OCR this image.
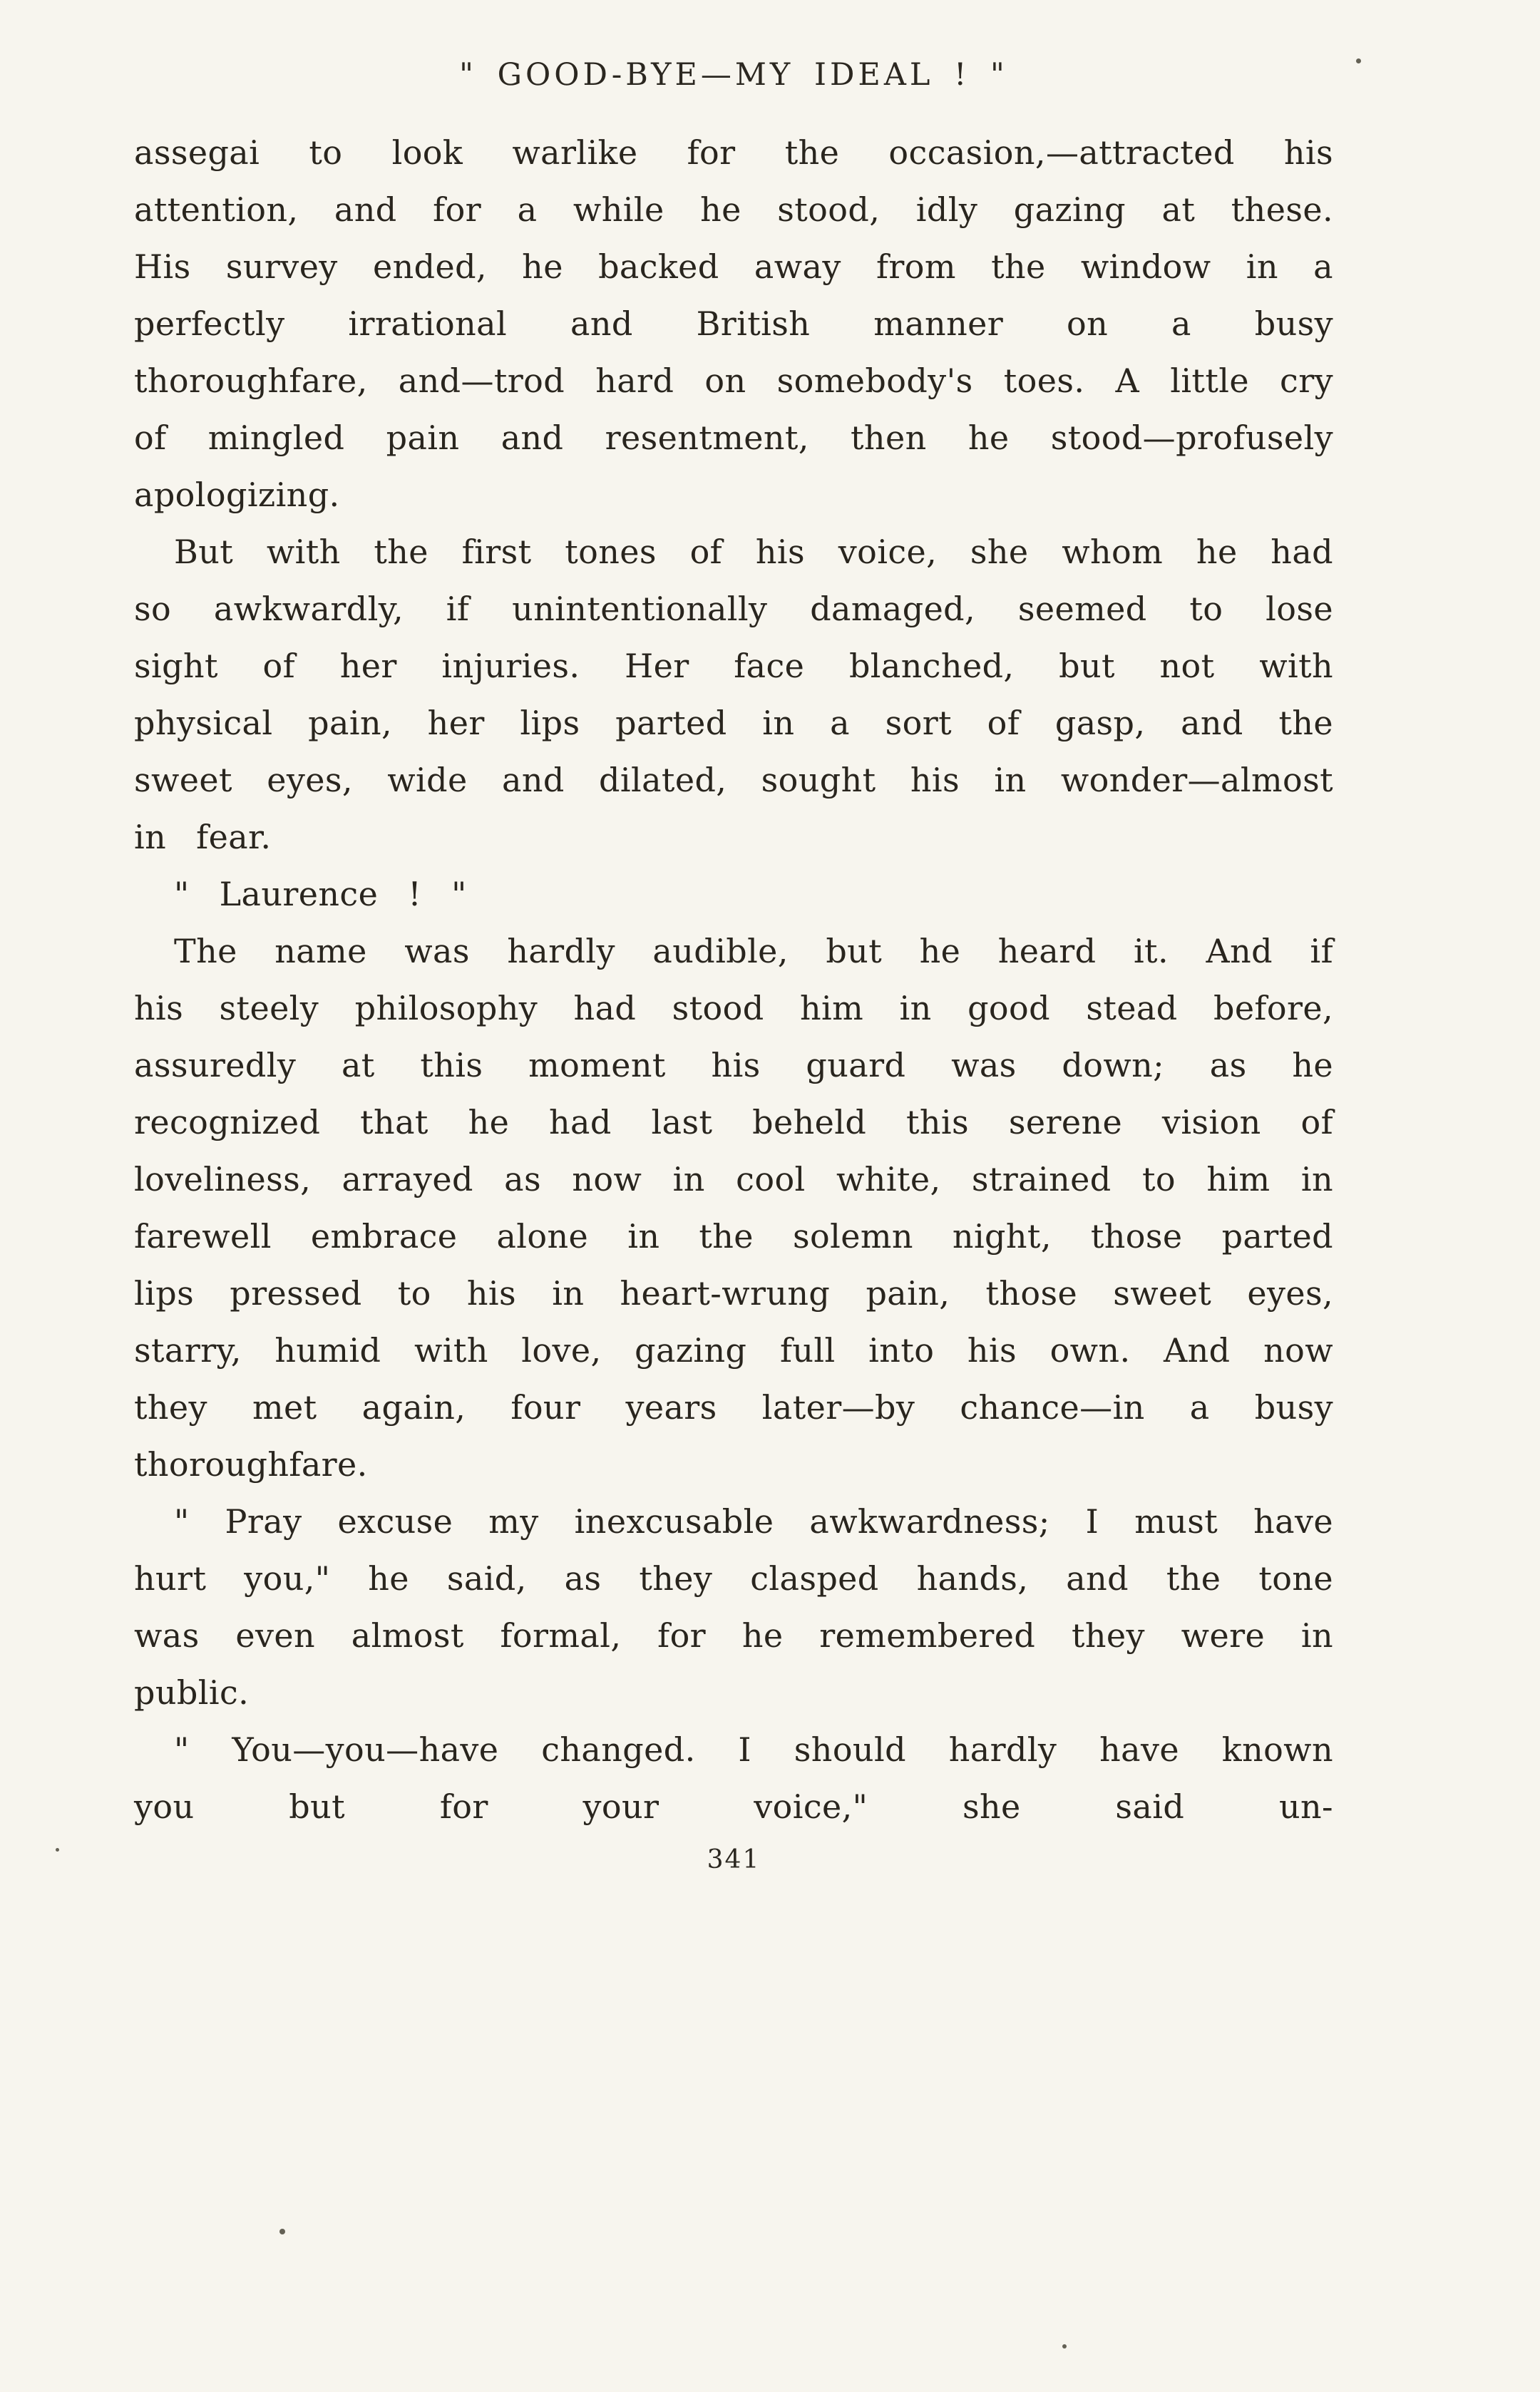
" GOOD-BYE—MY IDEAL ! "

assegai to look warlike for the occasion,—attracted his attention, and for a while he stood, idly gazing at these. His survey ended, he backed away from the window in a perfectly irrational and British manner on a busy thoroughfare, and—trod hard on somebody's toes. A little cry of mingled pain and resentment, then he stood—profusely apologizing.

But with the first tones of his voice, she whom he had so awkwardly, if unintentionally damaged, seemed to lose sight of her injuries. Her face blanched, but not with physical pain, her lips parted in a sort of gasp, and the sweet eyes, wide and dilated, sought his in wonder—almost in fear.

" Laurence ! "

The name was hardly audible, but he heard it. And if his steely philosophy had stood him in good stead before, assuredly at this moment his guard was down; as he recognized that he had last beheld this serene vision of loveliness, arrayed as now in cool white, strained to him in farewell embrace alone in the solemn night, those parted lips pressed to his in heart-wrung pain, those sweet eyes, starry, humid with love, gazing full into his own. And now they met again, four years later—by chance—in a busy thoroughfare.

" Pray excuse my inexcusable awkwardness; I must have hurt you," he said, as they clasped hands, and the tone was even almost formal, for he remembered they were in public.

" You—you—have changed. I should hardly have known you but for your voice," she said un-

341
